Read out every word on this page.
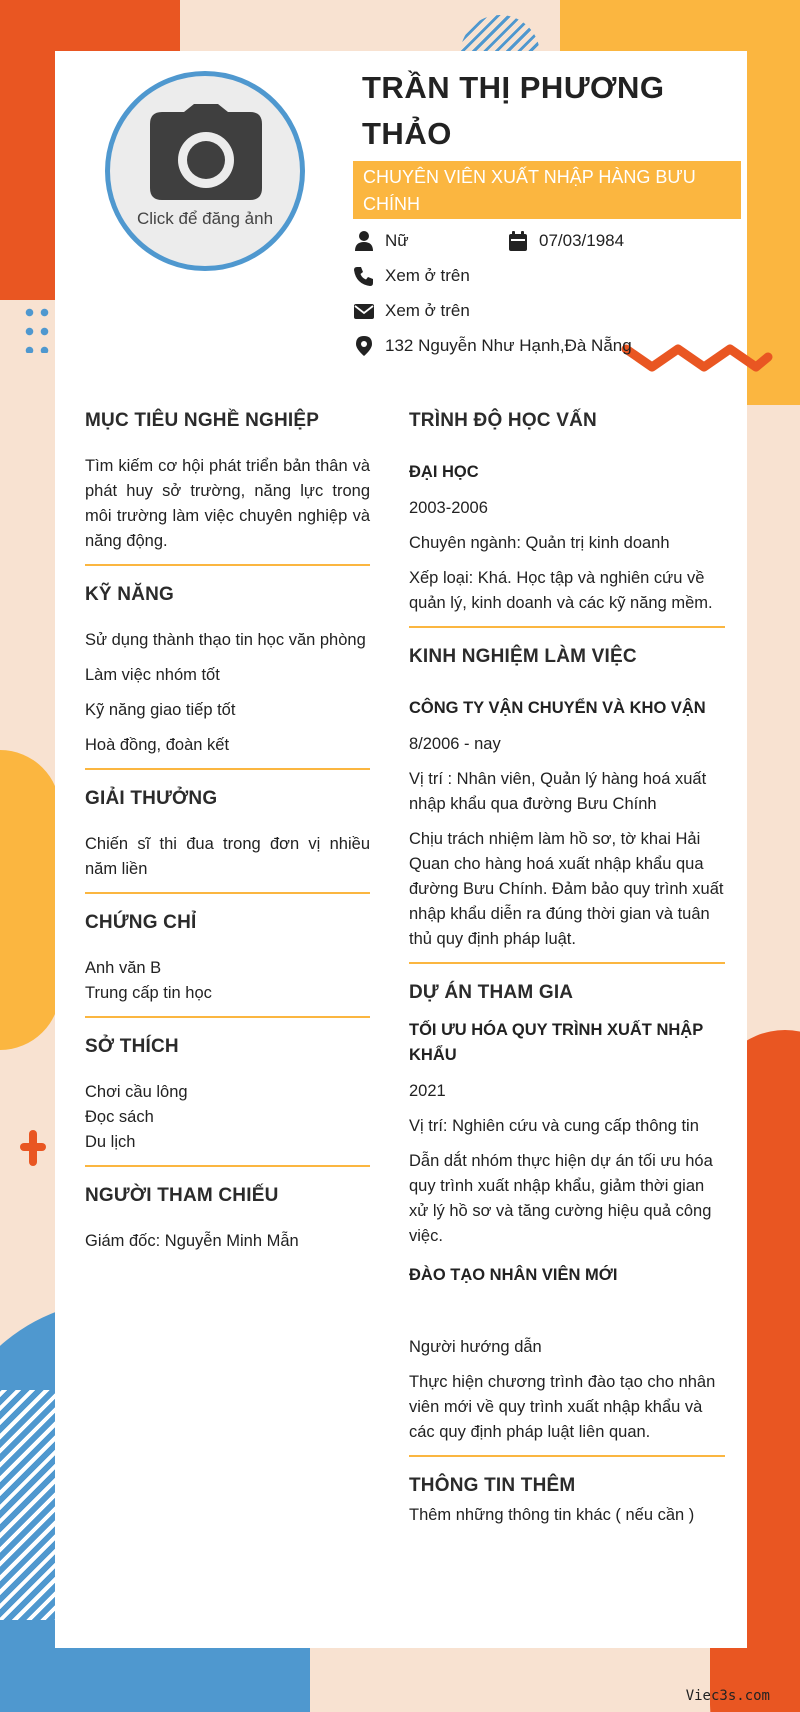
Click để đăng ảnh
TRẦN THỊ PHƯƠNG THẢO
CHUYÊN VIÊN XUẤT NHẬP HÀNG BƯU CHÍNH
Nữ	07/03/1984
Xem ở trên
Xem ở trên
132 Nguyễn Như Hạnh,Đà Nẵng
MỤC TIÊU NGHỀ NGHIỆP
Tìm kiếm cơ hội phát triển bản thân và phát huy sở trường, năng lực trong môi trường làm việc chuyên nghiệp và năng động.
KỸ NĂNG
Sử dụng thành thạo tin học văn phòng
Làm việc nhóm tốt
Kỹ năng giao tiếp tốt
Hoà đồng, đoàn kết
GIẢI THƯỞNG
Chiến sĩ thi đua trong đơn vị nhiều năm liền
CHỨNG CHỈ
Anh văn B
Trung cấp tin học
SỞ THÍCH
Chơi cầu lông
Đọc sách
Du lịch
NGƯỜI THAM CHIẾU
Giám đốc: Nguyễn Minh Mẫn
TRÌNH ĐỘ HỌC VẤN
ĐẠI HỌC
2003-2006
Chuyên ngành: Quản trị kinh doanh
Xếp loại: Khá. Học tập và nghiên cứu về quản lý, kinh doanh và các kỹ năng mềm.
KINH NGHIỆM LÀM VIỆC
CÔNG TY VẬN CHUYỂN VÀ KHO VẬN
8/2006 - nay
Vị trí : Nhân viên, Quản lý hàng hoá xuất nhập khẩu qua đường Bưu Chính
Chịu trách nhiệm làm hồ sơ, tờ khai Hải Quan cho hàng hoá xuất nhập khẩu qua đường Bưu Chính. Đảm bảo quy trình xuất nhập khẩu diễn ra đúng thời gian và tuân thủ quy định pháp luật.
DỰ ÁN THAM GIA
TỐI ƯU HÓA QUY TRÌNH XUẤT NHẬP KHẨU
2021
Vị trí: Nghiên cứu và cung cấp thông tin
Dẫn dắt nhóm thực hiện dự án tối ưu hóa quy trình xuất nhập khẩu, giảm thời gian xử lý hồ sơ và tăng cường hiệu quả công việc.
ĐÀO TẠO NHÂN VIÊN MỚI
Người hướng dẫn
Thực hiện chương trình đào tạo cho nhân viên mới về quy trình xuất nhập khẩu và các quy định pháp luật liên quan.
THÔNG TIN THÊM
Thêm những thông tin khác ( nếu cần )
Viec3s.com
